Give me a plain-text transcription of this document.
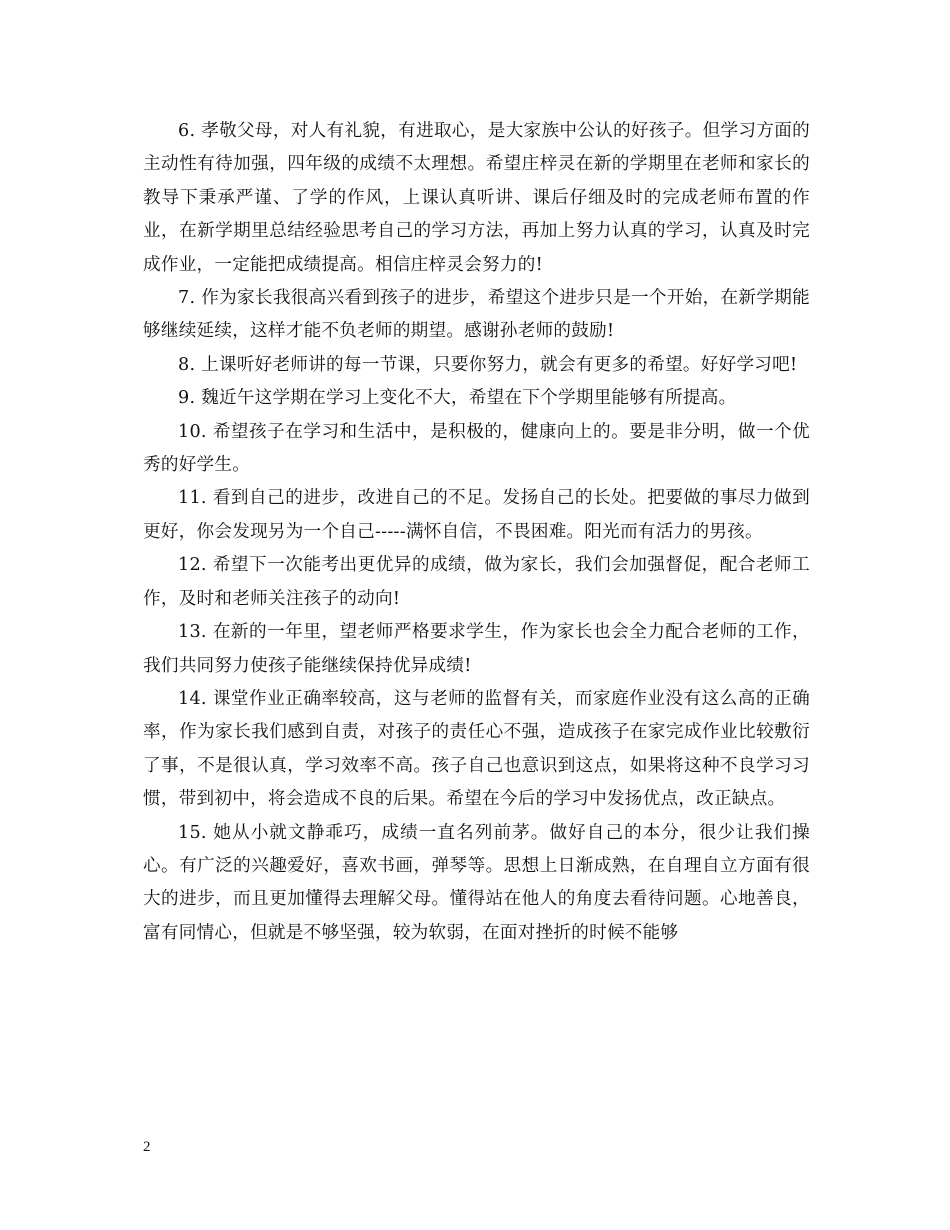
6. 孝敬父母，对人有礼貌，有进取心，是大家族中公认的好孩子。但学习方面的主动性有待加强，四年级的成绩不太理想。希望庄梓灵在新的学期里在老师和家长的教导下秉承严谨、了学的作风，上课认真听讲、课后仔细及时的完成老师布置的作业，在新学期里总结经验思考自己的学习方法，再加上努力认真的学习，认真及时完成作业，一定能把成绩提高。相信庄梓灵会努力的!

7. 作为家长我很高兴看到孩子的进步，希望这个进步只是一个开始，在新学期能够继续延续，这样才能不负老师的期望。感谢孙老师的鼓励!

8. 上课听好老师讲的每一节课，只要你努力，就会有更多的希望。好好学习吧!

9. 魏近午这学期在学习上变化不大，希望在下个学期里能够有所提高。

10. 希望孩子在学习和生活中，是积极的，健康向上的。要是非分明，做一个优秀的好学生。

11. 看到自己的进步，改进自己的不足。发扬自己的长处。把要做的事尽力做到更好，你会发现另为一个自己-----满怀自信，不畏困难。阳光而有活力的男孩。

12. 希望下一次能考出更优异的成绩，做为家长，我们会加强督促，配合老师工作，及时和老师关注孩子的动向!

13. 在新的一年里，望老师严格要求学生，作为家长也会全力配合老师的工作，我们共同努力使孩子能继续保持优异成绩!

14. 课堂作业正确率较高，这与老师的监督有关，而家庭作业没有这么高的正确率，作为家长我们感到自责，对孩子的责任心不强，造成孩子在家完成作业比较敷衍了事，不是很认真，学习效率不高。孩子自己也意识到这点，如果将这种不良学习习惯，带到初中，将会造成不良的后果。希望在今后的学习中发扬优点，改正缺点。

15. 她从小就文静乖巧，成绩一直名列前茅。做好自己的本分，很少让我们操心。有广泛的兴趣爱好，喜欢书画，弹琴等。思想上日渐成熟，在自理自立方面有很大的进步，而且更加懂得去理解父母。懂得站在他人的角度去看待问题。心地善良，富有同情心，但就是不够坚强，较为软弱，在面对挫折的时候不能够

2
